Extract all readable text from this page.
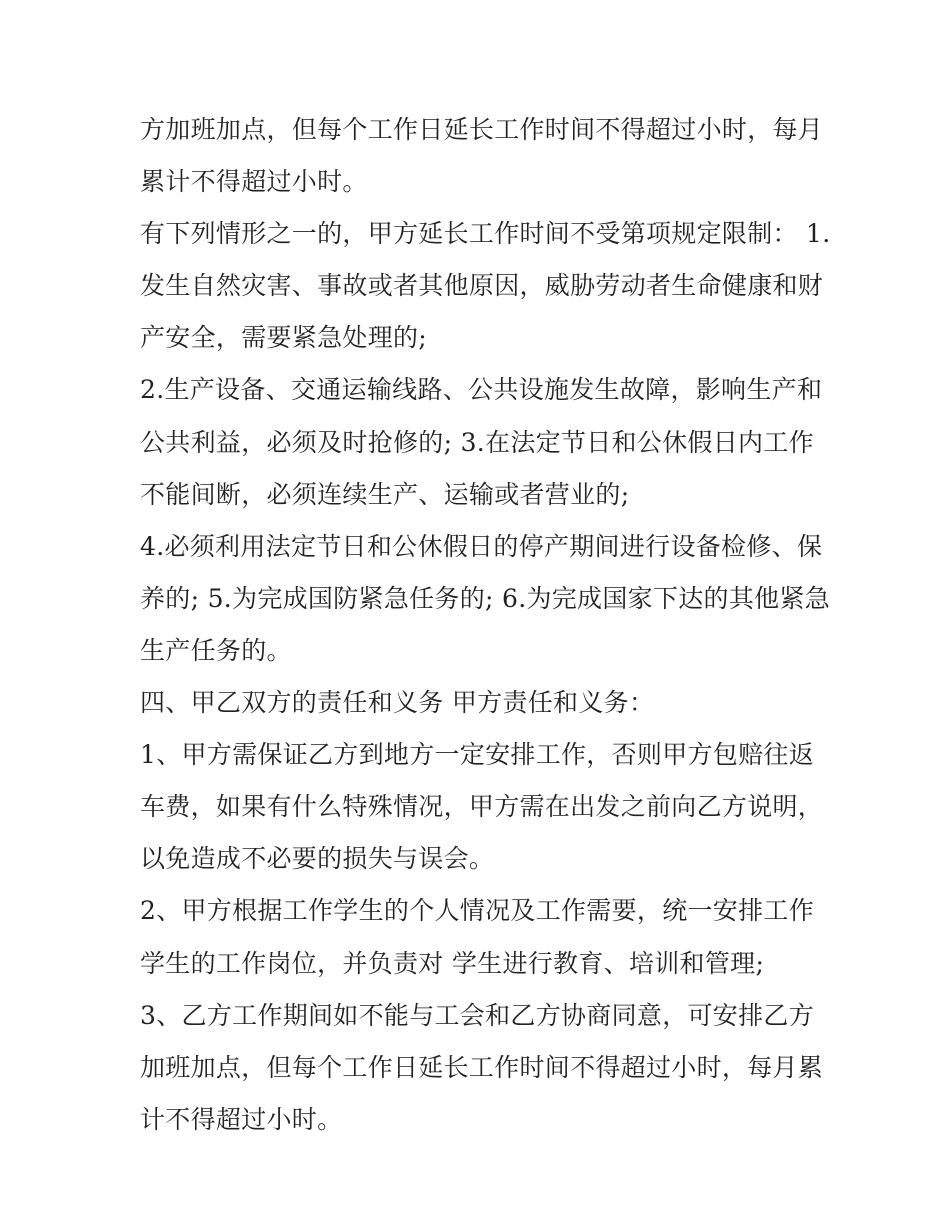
方加班加点，但每个工作日延长工作时间不得超过小时，每月
累计不得超过小时。
有下列情形之一的，甲方延长工作时间不受第项规定限制： 1.
发生自然灾害、事故或者其他原因，威胁劳动者生命健康和财
产安全，需要紧急处理的;
2.生产设备、交通运输线路、公共设施发生故障，影响生产和
公共利益，必须及时抢修的; 3.在法定节日和公休假日内工作
不能间断，必须连续生产、运输或者营业的;
4.必须利用法定节日和公休假日的停产期间进行设备检修、保
养的; 5.为完成国防紧急任务的; 6.为完成国家下达的其他紧急
生产任务的。
四、甲乙双方的责任和义务 甲方责任和义务：
1、甲方需保证乙方到地方一定安排工作，否则甲方包赔往返
车费，如果有什么特殊情况，甲方需在出发之前向乙方说明，
以免造成不必要的损失与误会。
2、甲方根据工作学生的个人情况及工作需要，统一安排工作
学生的工作岗位，并负责对 学生进行教育、培训和管理;
3、乙方工作期间如不能与工会和乙方协商同意，可安排乙方
加班加点，但每个工作日延长工作时间不得超过小时，每月累
计不得超过小时。
